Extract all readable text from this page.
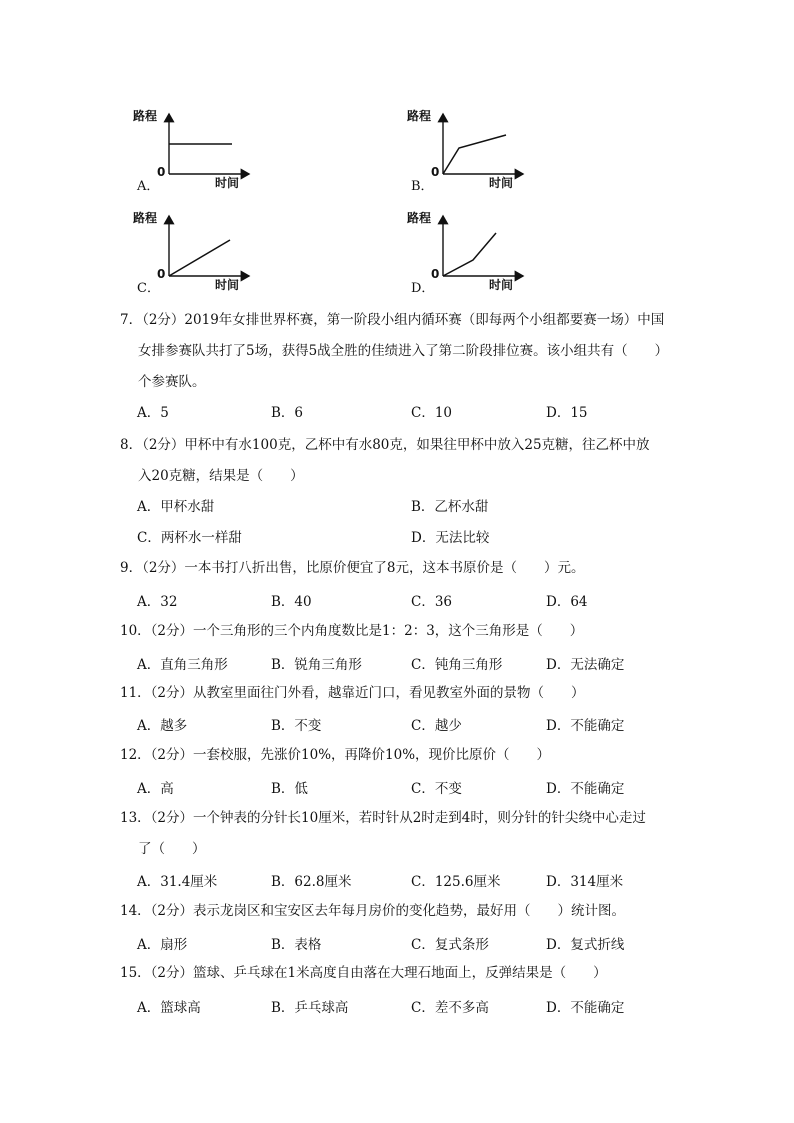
路程
0
时间
A．
路程
0
时间
B．
路程
0
时间
C．
路程
0
时间
D．

7．（2分）2019年女排世界杯赛，第一阶段小组内循环赛（即每两个小组都要赛一场）中国

女排参赛队共打了5场，获得5战全胜的佳绩进入了第二阶段排位赛。该小组共有（　　）

个参赛队。

A．5	B．6	C．10	D．15

8．（2分）甲杯中有水100克，乙杯中有水80克，如果往甲杯中放入25克糖，往乙杯中放

入20克糖，结果是（　　）

A．甲杯水甜	B．乙杯水甜
C．两杯水一样甜	D．无法比较

9．（2分）一本书打八折出售，比原价便宜了8元，这本书原价是（　　）元。

A．32	B．40	C．36	D．64

10．（2分）一个三角形的三个内角度数比是1：2：3，这个三角形是（　　）

A．直角三角形	B．锐角三角形	C．钝角三角形	D．无法确定

11．（2分）从教室里面往门外看，越靠近门口，看见教室外面的景物（　　）

A．越多	B．不变	C．越少	D．不能确定

12．（2分）一套校服，先涨价10%，再降价10%，现价比原价（　　）

A．高	B．低	C．不变	D．不能确定

13．（2分）一个钟表的分针长10厘米，若时针从2时走到4时，则分针的针尖绕中心走过

了（　　）

A．31.4厘米	B．62.8厘米	C．125.6厘米	D．314厘米

14．（2分）表示龙岗区和宝安区去年每月房价的变化趋势，最好用（　　）统计图。

A．扇形	B．表格	C．复式条形	D．复式折线

15．（2分）篮球、乒乓球在1米高度自由落在大理石地面上，反弹结果是（　　）

A．篮球高	B．乒乓球高	C．差不多高	D．不能确定
